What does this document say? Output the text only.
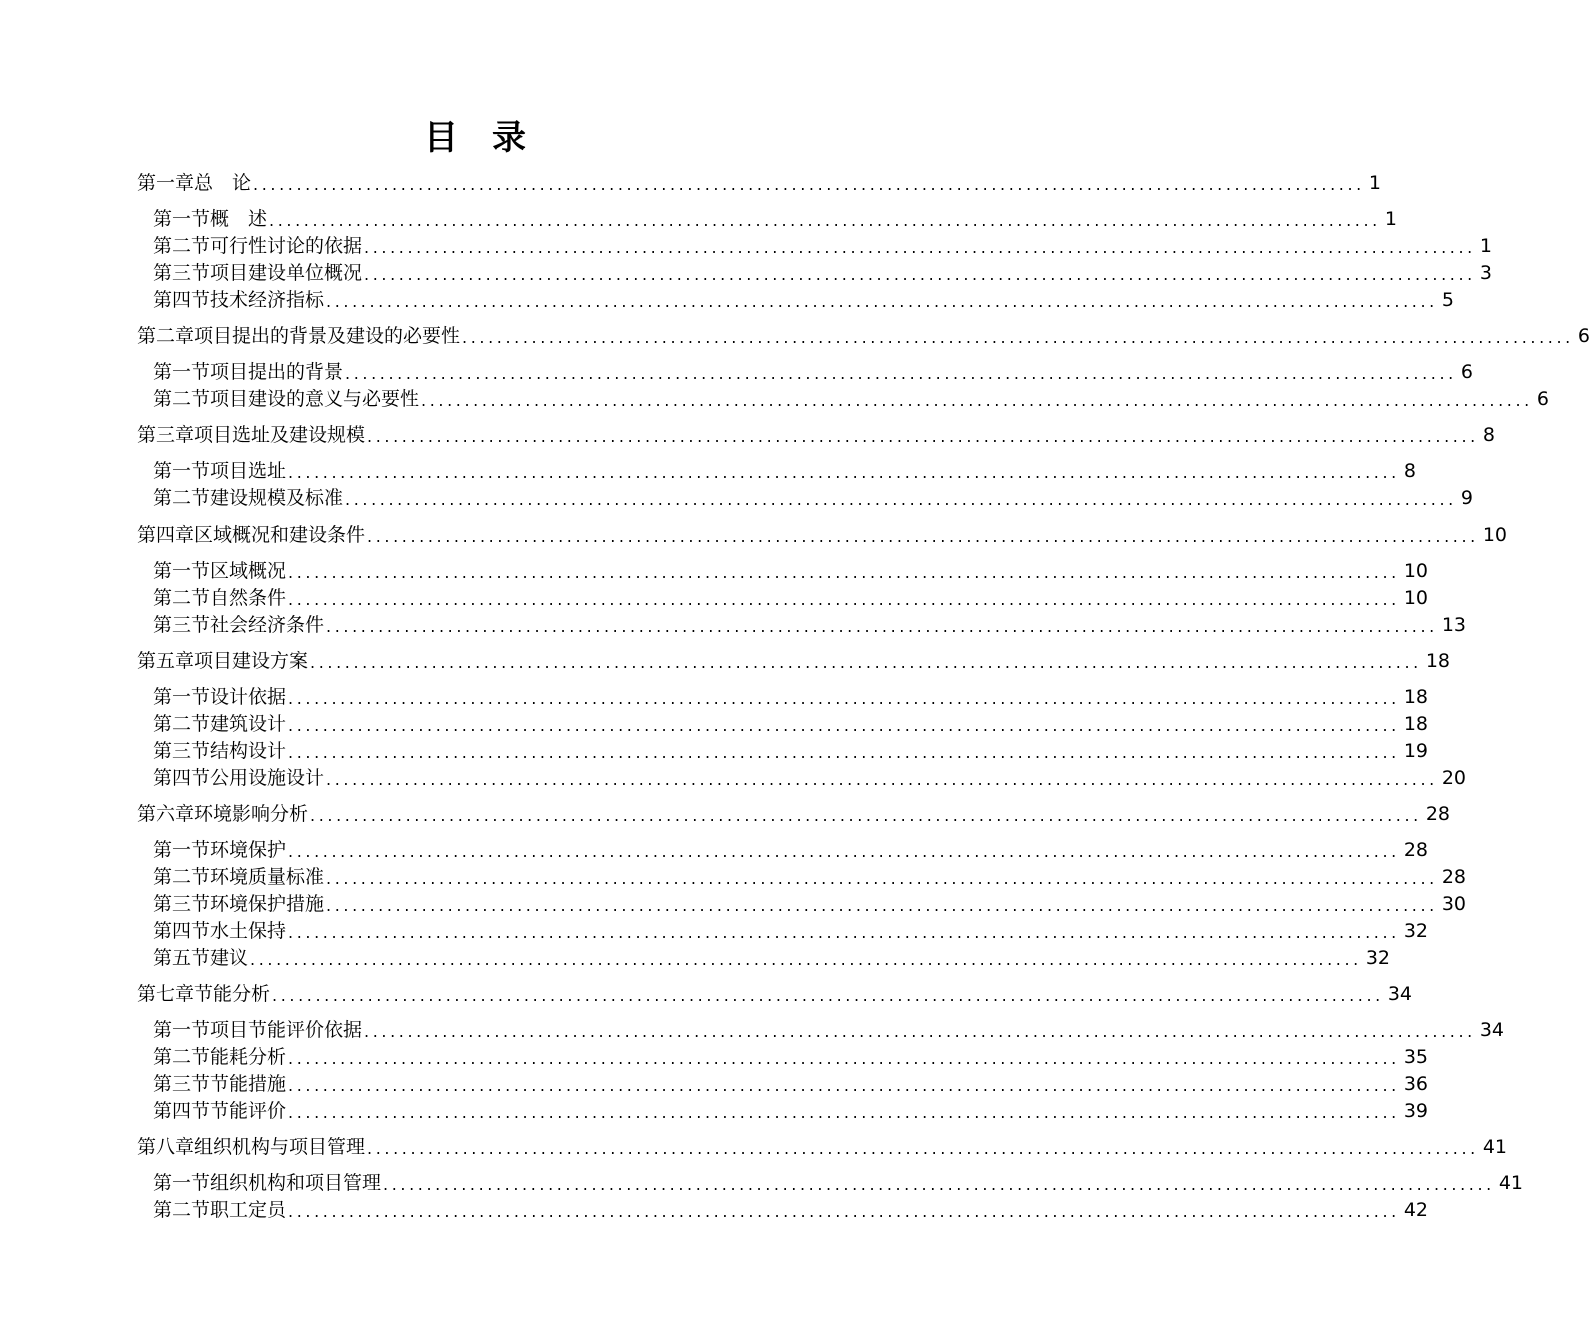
目 录
第一章 总　论 ................................................................................................................................ 1
第一节 概　述 ................................................................................................................................ 1
第二节 可行性讨论的依据 ................................................................................................................................ 1
第三节 项目建设单位概况 ................................................................................................................................ 3
第四节 技术经济指标 ................................................................................................................................ 5
第二章 项目提出的背景及建设的必要性 ................................................................................................................................ 6
第一节 项目提出的背景 ................................................................................................................................ 6
第二节 项目建设的意义与必要性 ................................................................................................................................ 6
第三章 项目选址及建设规模 ................................................................................................................................ 8
第一节 项目选址 ................................................................................................................................ 8
第二节 建设规模及标准 ................................................................................................................................ 9
第四章 区域概况和建设条件 ................................................................................................................................ 10
第一节 区域概况 ................................................................................................................................ 10
第二节 自然条件 ................................................................................................................................ 10
第三节 社会经济条件 ................................................................................................................................ 13
第五章 项目建设方案 ................................................................................................................................ 18
第一节 设计依据 ................................................................................................................................ 18
第二节 建筑设计 ................................................................................................................................ 18
第三节 结构设计 ................................................................................................................................ 19
第四节 公用设施设计 ................................................................................................................................ 20
第六章 环境影响分析 ................................................................................................................................ 28
第一节 环境保护 ................................................................................................................................ 28
第二节 环境质量标准 ................................................................................................................................ 28
第三节 环境保护措施 ................................................................................................................................ 30
第四节 水土保持 ................................................................................................................................ 32
第五节 建议 ................................................................................................................................ 32
第七章 节能分析 ................................................................................................................................ 34
第一节 项目节能评价依据 ................................................................................................................................ 34
第二节 能耗分析 ................................................................................................................................ 35
第三节 节能措施 ................................................................................................................................ 36
第四节 节能评价 ................................................................................................................................ 39
第八章 组织机构与项目管理 ................................................................................................................................ 41
第一节 组织机构和项目管理 ................................................................................................................................ 41
第二节 职工定员 ................................................................................................................................ 42
